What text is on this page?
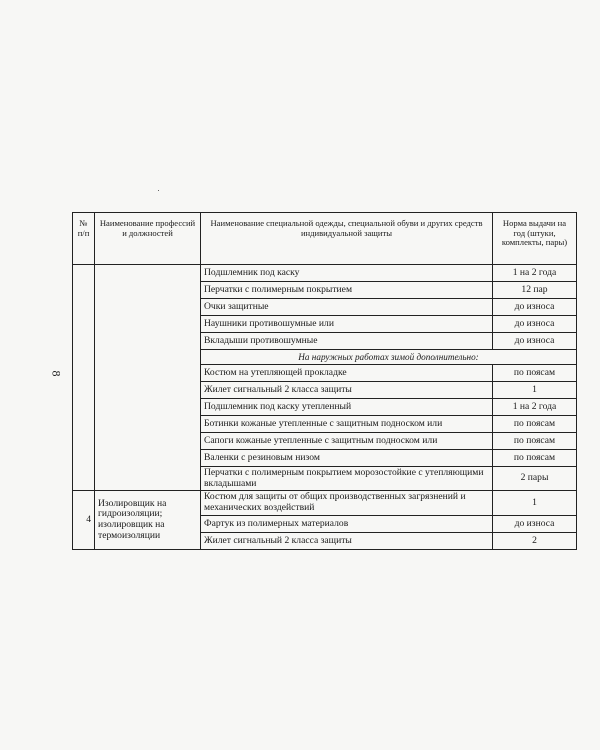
8
№ п/п	Наименование профессий и должностей	Наименование специальной одежды, специальной обуви и других средств индивидуальной защиты	Норма выдачи на год (штуки, комплекты, пары)
		Подшлемник под каску	1 на 2 года
		Перчатки с полимерным покрытием	12 пар
		Очки защитные	до износа
		Наушники противошумные или	до износа
		Вкладыши противошумные	до износа
		На наружных работах зимой дополнительно:	
		Костюм на утепляющей прокладке	по поясам
		Жилет сигнальный 2 класса защиты	1
		Подшлемник под каску утепленный	1 на 2 года
		Ботинки кожаные утепленные с защитным подноском или	по поясам
		Сапоги кожаные утепленные с защитным подноском или	по поясам
		Валенки с резиновым низом	по поясам
		Перчатки с полимерным покрытием морозостойкие с утепляющими вкладышами	2 пары
4	Изолировщик на гидроизоляции; изолировщик на термоизоляции	Костюм для защиты от общих производственных загрязнений и механических воздействий	1
		Фартук из полимерных материалов	до износа
		Жилет сигнальный 2 класса защиты	2
